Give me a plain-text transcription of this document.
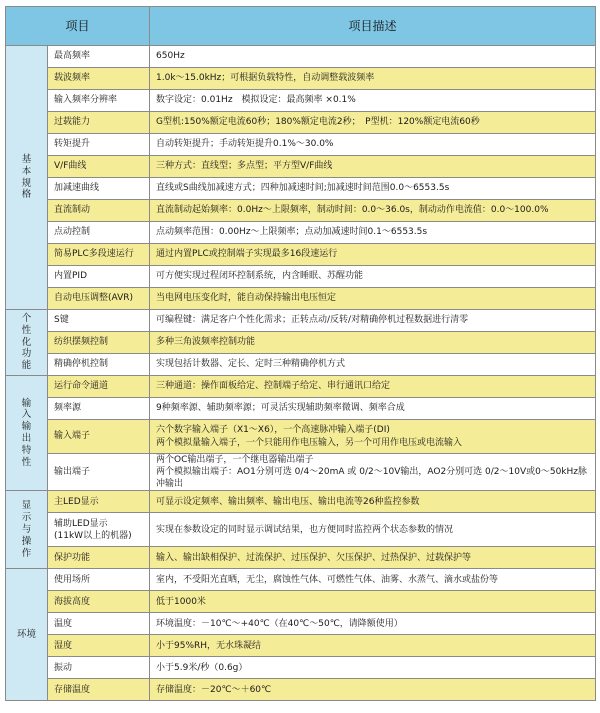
项目		项目描述
基本规格	最高频率	650Hz

	载波频率	1.0k～15.0kHz；可根据负载特性，自动调整载波频率

	输入频率分辨率	数字设定：0.01Hz　模拟设定：最高频率 ×0.1%

	过载能力	G型机:150%额定电流60秒；180%额定电流2秒；　P型机：120%额定电流60秒

	转矩提升	自动转矩提升；手动转矩提升0.1%～30.0%

	V/F曲线	三种方式：直线型；多点型；平方型V/F曲线

	加减速曲线	直线或S曲线加减速方式；四种加减速时间;加减速时间范围0.0～6553.5s

	直流制动	直流制动起始频率：0.0Hz～上限频率，制动时间：0.0～36.0s，制动动作电流值：0.0～100.0%

	点动控制	点动频率范围：0.00Hz～上限频率；点动加减速时间0.1～6553.5s

	简易PLC多段速运行	通过内置PLC或控制端子实现最多16段速运行

	内置PID	可方便实现过程闭环控制系统，内含睡眠、苏醒功能

	自动电压调整(AVR)	当电网电压变化时，能自动保持输出电压恒定

个性化功能	S键	可编程键：满足客户个性化需求；正转点动/反转/对精确停机过程数据进行清零

	纺织摆频控制	多种三角波频率控制功能

	精确停机控制	实现包括计数器、定长、定时三种精确停机方式

输入输出特性	运行命令通道	三种通道：操作面板给定、控制端子给定、串行通讯口给定

	频率源	9种频率源、辅助频率源；可灵活实现辅助频率微调、频率合成

	输入端子	六个数字输入端子（X1～X6），一个高速脉冲输入端子(DI)
两个模拟量输入端子，一个只能用作电压输入，另一个可用作电压或电流输入

	输出端子	两个OC输出端子，一个继电器输出端子
两个模拟输出端子：AO1分别可选 0/4～20mA 或 0/2～10V输出，AO2分别可选 0/2～10V或0～50kHz脉冲输出

显示与操作	主LED显示	可显示设定频率、输出频率、输出电压、输出电流等26种监控参数

	辅助LED显示
(11kW以上的机器)	实现在参数设定的同时显示调试结果，也方便同时监控两个状态参数的情况

	保护功能	输入、输出缺相保护、过流保护、过压保护、欠压保护、过热保护、过载保护等

环境	使用场所	室内，不受阳光直晒，无尘，腐蚀性气体、可燃性气体、油雾、水蒸气、滴水或盐份等

	海拔高度	低于1000米

	温度	环境温度：－10℃～+40℃（在40℃～50℃，请降额使用）

	湿度	小于95%RH，无水珠凝结

	振动	小于5.9米/秒（0.6g）

	存储温度	存储温度：－20℃～＋60℃
